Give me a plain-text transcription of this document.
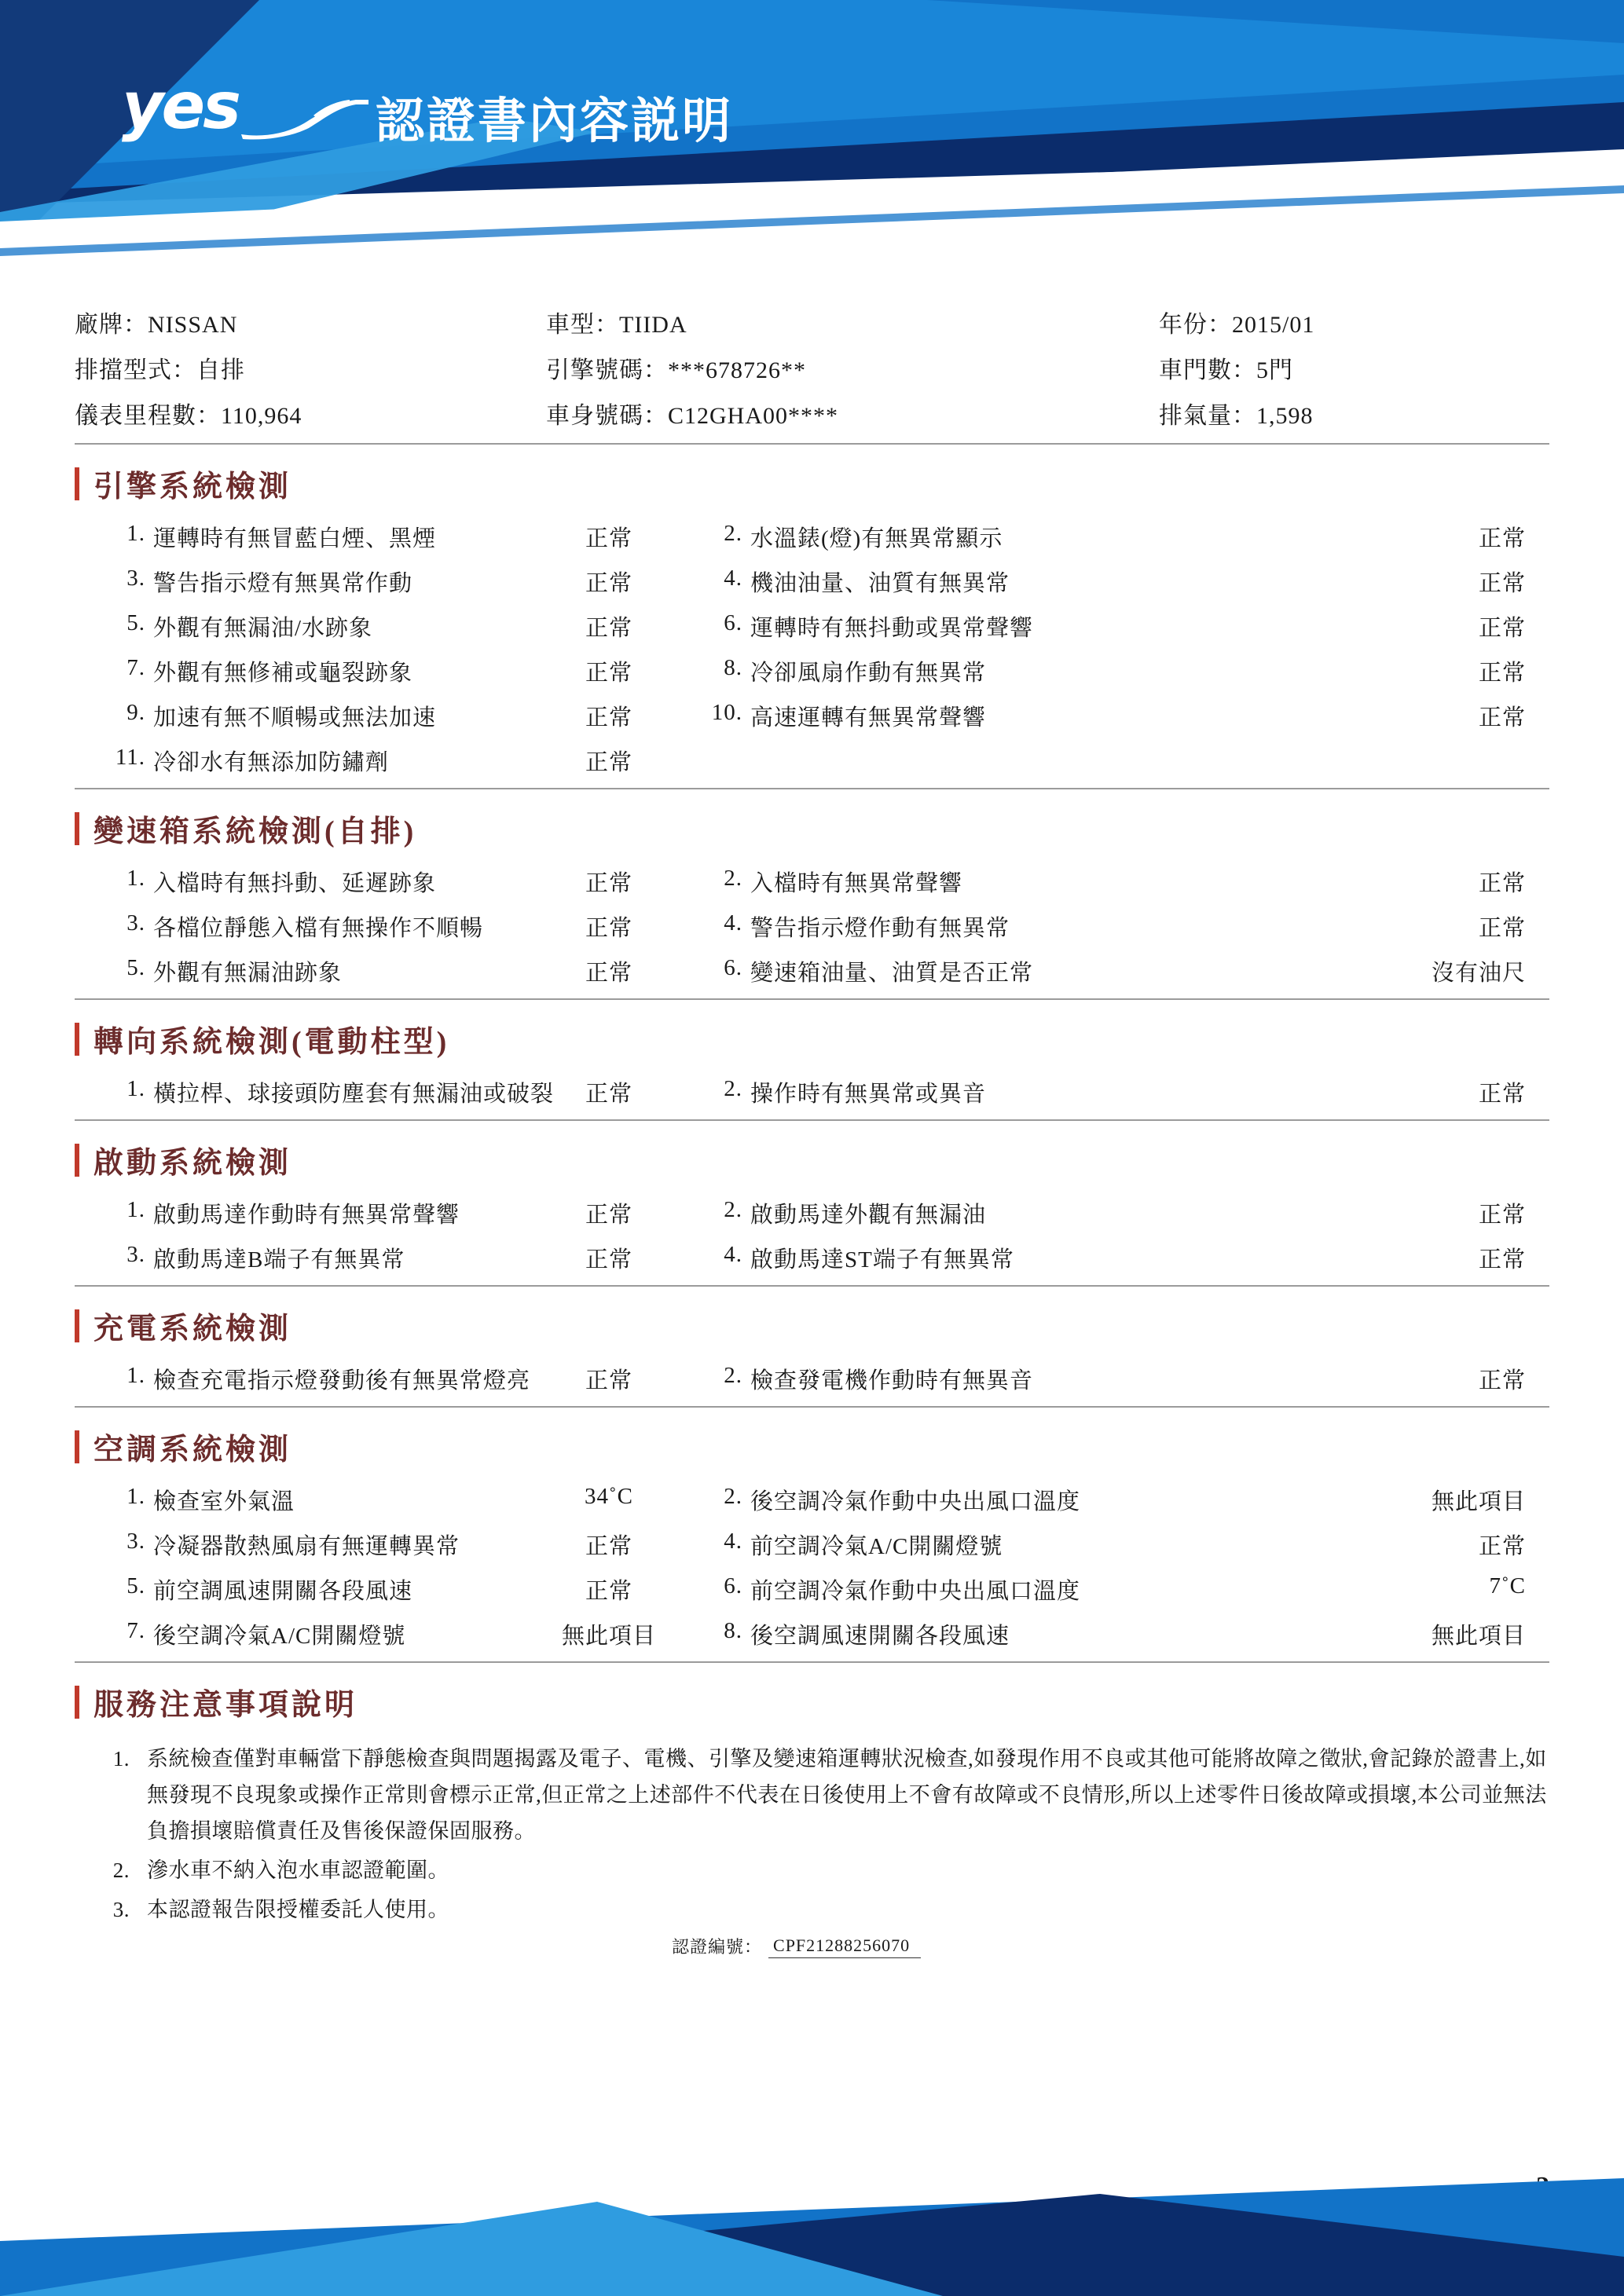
yes	認證書內容説明
廠牌：NISSAN	車型：TIIDA	年份：2015/01
排擋型式：自排	引擎號碼：***678726**	車門數：5門
儀表里程數：110,964	車身號碼：C12GHA00****	排氣量：1,598
引擎系統檢測
1. 運轉時有無冒藍白煙、黑煙	正常	2. 水溫錶(燈)有無異常顯示	正常
3. 警告指示燈有無異常作動	正常	4. 機油油量、油質有無異常	正常
5. 外觀有無漏油/水跡象	正常	6. 運轉時有無抖動或異常聲響	正常
7. 外觀有無修補或龜裂跡象	正常	8. 冷卻風扇作動有無異常	正常
9. 加速有無不順暢或無法加速	正常	10. 高速運轉有無異常聲響	正常
11. 冷卻水有無添加防鏽劑	正常
變速箱系統檢測(自排)
1. 入檔時有無抖動、延遲跡象	正常	2. 入檔時有無異常聲響	正常
3. 各檔位靜態入檔有無操作不順暢	正常	4. 警告指示燈作動有無異常	正常
5. 外觀有無漏油跡象	正常	6. 變速箱油量、油質是否正常	沒有油尺
轉向系統檢測(電動柱型)
1. 橫拉桿、球接頭防塵套有無漏油或破裂	正常	2. 操作時有無異常或異音	正常
啟動系統檢測
1. 啟動馬達作動時有無異常聲響	正常	2. 啟動馬達外觀有無漏油	正常
3. 啟動馬達B端子有無異常	正常	4. 啟動馬達ST端子有無異常	正常
充電系統檢測
1. 檢查充電指示燈發動後有無異常燈亮	正常	2. 檢查發電機作動時有無異音	正常
空調系統檢測
1. 檢查室外氣溫	34˚C	2. 後空調冷氣作動中央出風口溫度	無此項目
3. 冷凝器散熱風扇有無運轉異常	正常	4. 前空調冷氣A/C開關燈號	正常
5. 前空調風速開關各段風速	正常	6. 前空調冷氣作動中央出風口溫度	7˚C
7. 後空調冷氣A/C開關燈號	無此項目	8. 後空調風速開關各段風速	無此項目
服務注意事項說明
1. 系統檢查僅對車輛當下靜態檢查與問題揭露及電子、電機、引擎及變速箱運轉狀況檢查,如發現作用不良或其他可能將故障之徵狀,會記錄於證書上,如無發現不良現象或操作正常則會標示正常,但正常之上述部件不代表在日後使用上不會有故障或不良情形,所以上述零件日後故障或損壞,本公司並無法負擔損壞賠償責任及售後保證保固服務。
2. 滲水車不納入泡水車認證範圍。
3. 本認證報告限授權委託人使用。
認證編號： CPF21288256070
